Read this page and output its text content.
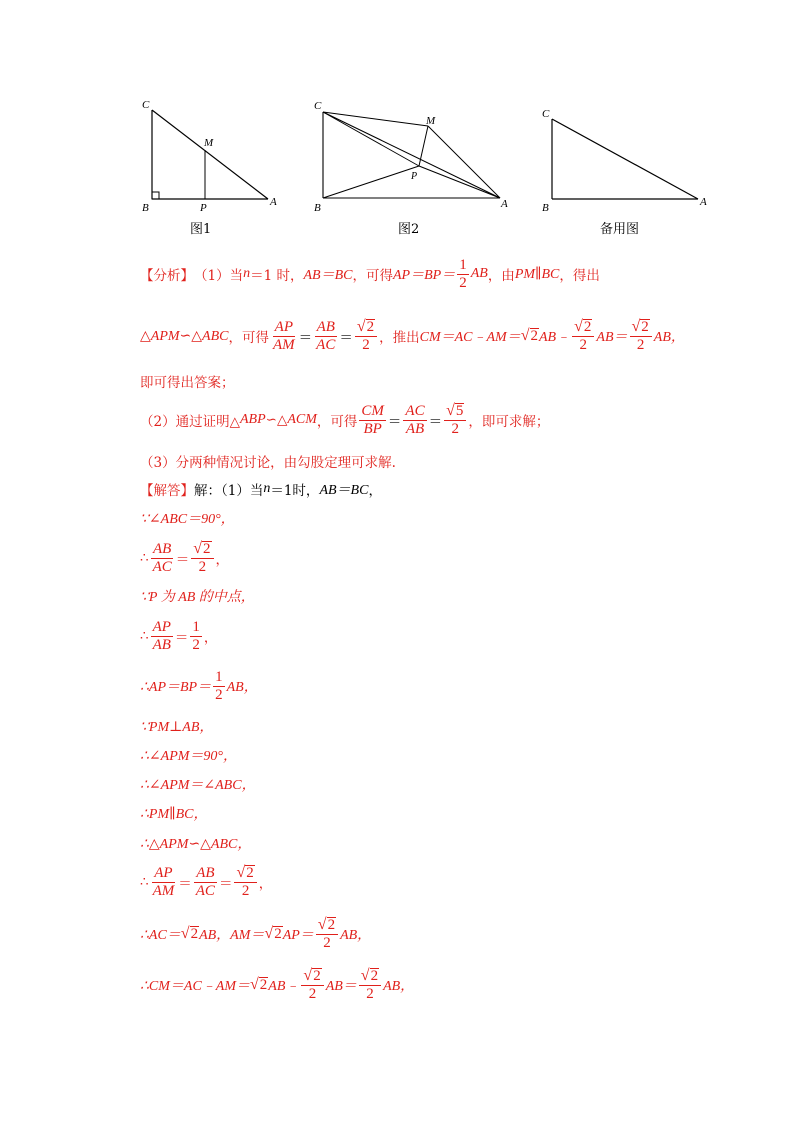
C
M
B	P	A
图1
C
M
P
B	A
图2
C
B	A
备用图
【分析】 （1）当 n ＝1 时， AB＝BC ，可得 $AP=BP= \frac{1}{2}$ AB ，由 PM∥BC ，得出
△APM∽△ABC ，可得 $\frac{AP}{AM} = \frac{AB}{AC} = \frac{√ 2}{2}$ ，推出 CM＝AC﹣AM＝ √ 2 AB﹣ $\frac{√ 2}{2} AB= \frac{√ 2}{2}$ AB，
即可得出答案；
（2）通过证明△ ABP ∽△ ACM ，可得 $\frac{CM}{BP} = \frac{AC}{AB} = \frac{√ 5}{2}$ ，即可求解；
（3）分两种情况讨论，由勾股定理可求解.
【解答】 解：（1）当 n ＝1时， AB＝BC ，
∵∠ABC＝90°，
∴ $\frac{AB}{AC} = \frac{√ 2}{2}$ ，
∵P 为 AB 的中点，
∴ $\frac{AP}{AB} = \frac{1}{2}$ ，
∴AP＝BP＝ $\frac{1}{2}$ AB，
∵PM⊥AB，
∴∠APM＝90°，
∴∠APM＝∠ABC，
∴PM∥BC，
∴△APM∽△ABC，
∴ $\frac{AP}{AM} = \frac{AB}{AC} = \frac{√ 2}{2}$ ，
∴AC＝ √ 2 AB，AM＝ √ 2 $AP= \frac{√ 2}{2}$ AB，
∴CM＝AC﹣AM＝ √ 2 AB﹣ $\frac{√ 2}{2} AB= \frac{√ 2}{2}$ AB，
